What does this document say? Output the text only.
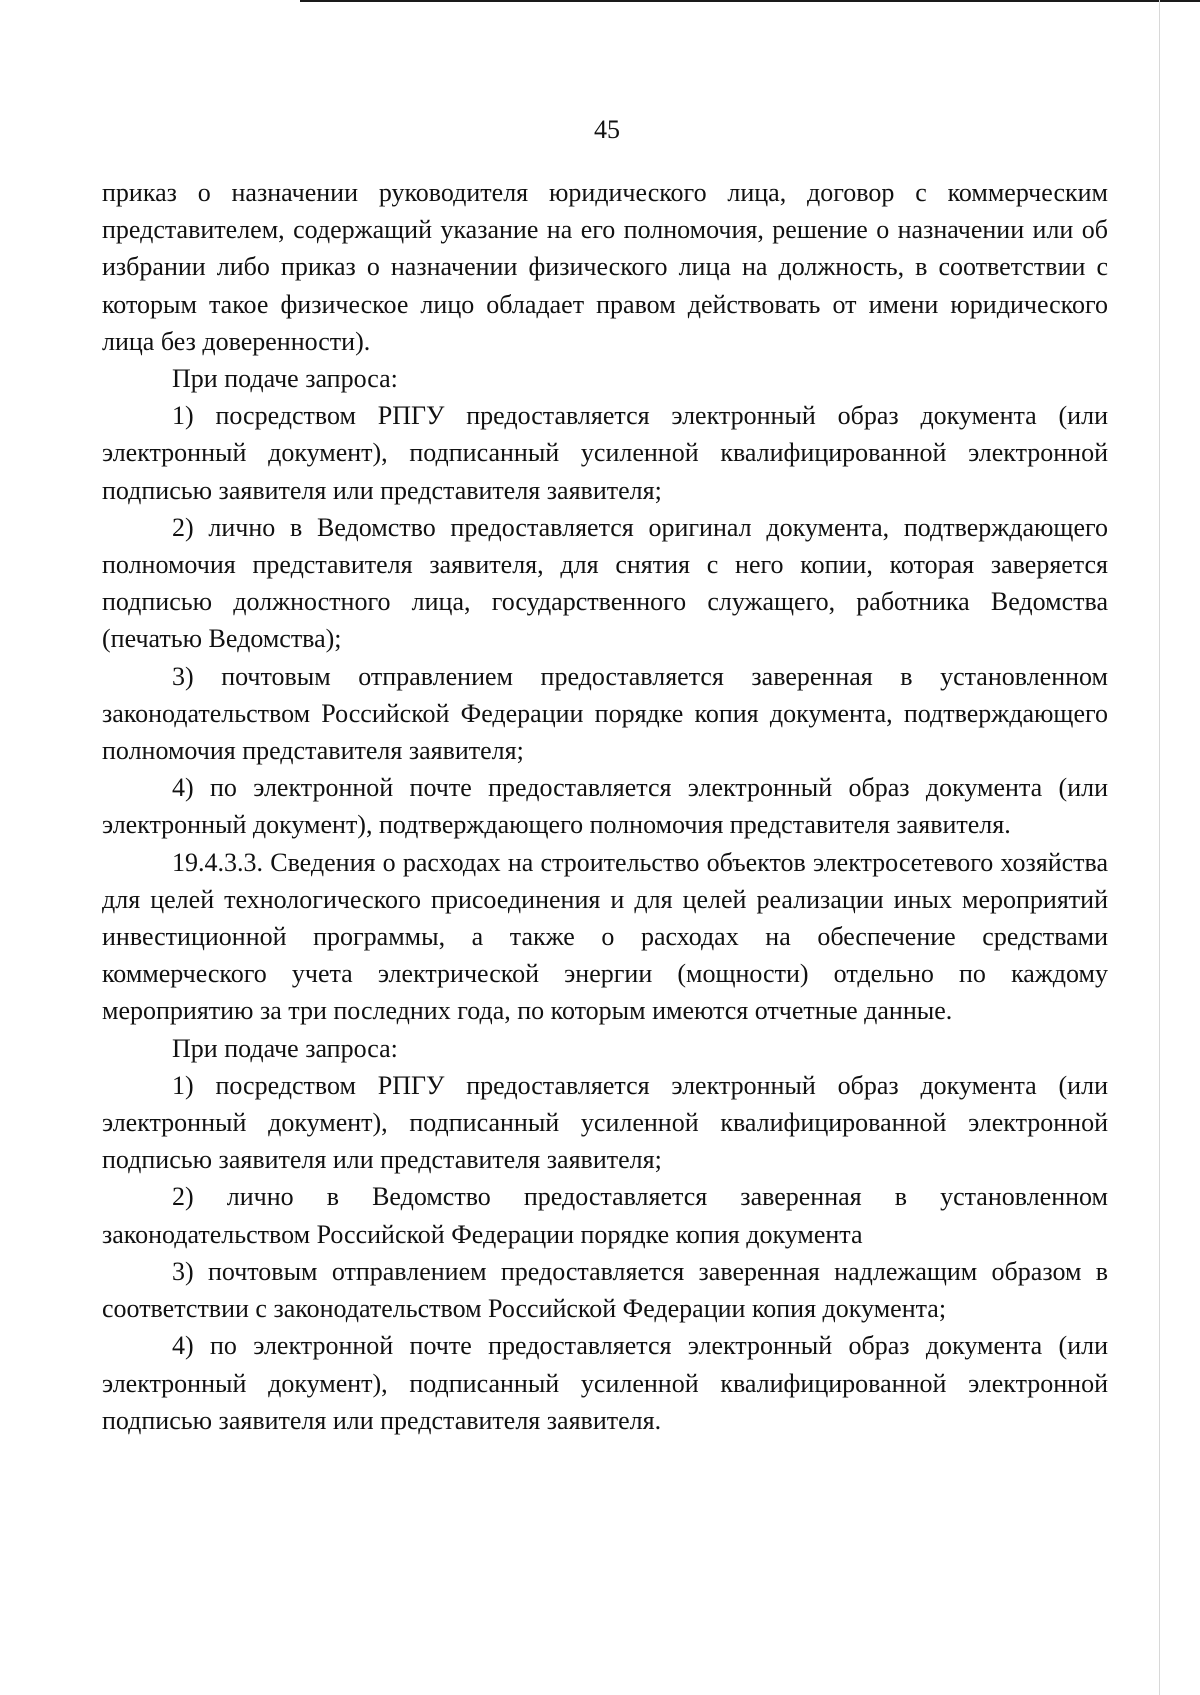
45

приказ о назначении руководителя юридического лица, договор с коммерческим представителем, содержащий указание на его полномочия, решение о назначении или об избрании либо приказ о назначении физического лица на должность, в соответствии с которым такое физическое лицо обладает правом действовать от имени юридического лица без доверенности).

При подаче запроса:

1) посредством РПГУ предоставляется электронный образ документа (или электронный документ), подписанный усиленной квалифицированной электронной подписью заявителя или представителя заявителя;

2) лично в Ведомство предоставляется оригинал документа, подтверждающего полномочия представителя заявителя, для снятия с него копии, которая заверяется подписью должностного лица, государственного служащего, работника Ведомства (печатью Ведомства);

3) почтовым отправлением предоставляется заверенная в установленном законодательством Российской Федерации порядке копия документа, подтверждающего полномочия представителя заявителя;

4) по электронной почте предоставляется электронный образ документа (или электронный документ), подтверждающего полномочия представителя заявителя.

19.4.3.3. Сведения о расходах на строительство объектов электросетевого хозяйства для целей технологического присоединения и для целей реализации иных мероприятий инвестиционной программы, а также о расходах на обеспечение средствами коммерческого учета электрической энергии (мощности) отдельно по каждому мероприятию за три последних года, по которым имеются отчетные данные.

При подаче запроса:

1) посредством РПГУ предоставляется электронный образ документа (или электронный документ), подписанный усиленной квалифицированной электронной подписью заявителя или представителя заявителя;

2) лично в Ведомство предоставляется заверенная в установленном законодательством Российской Федерации порядке копия документа

3) почтовым отправлением предоставляется заверенная надлежащим образом в соответствии с законодательством Российской Федерации копия документа;

4) по электронной почте предоставляется электронный образ документа (или электронный документ), подписанный усиленной квалифицированной электронной подписью заявителя или представителя заявителя.
